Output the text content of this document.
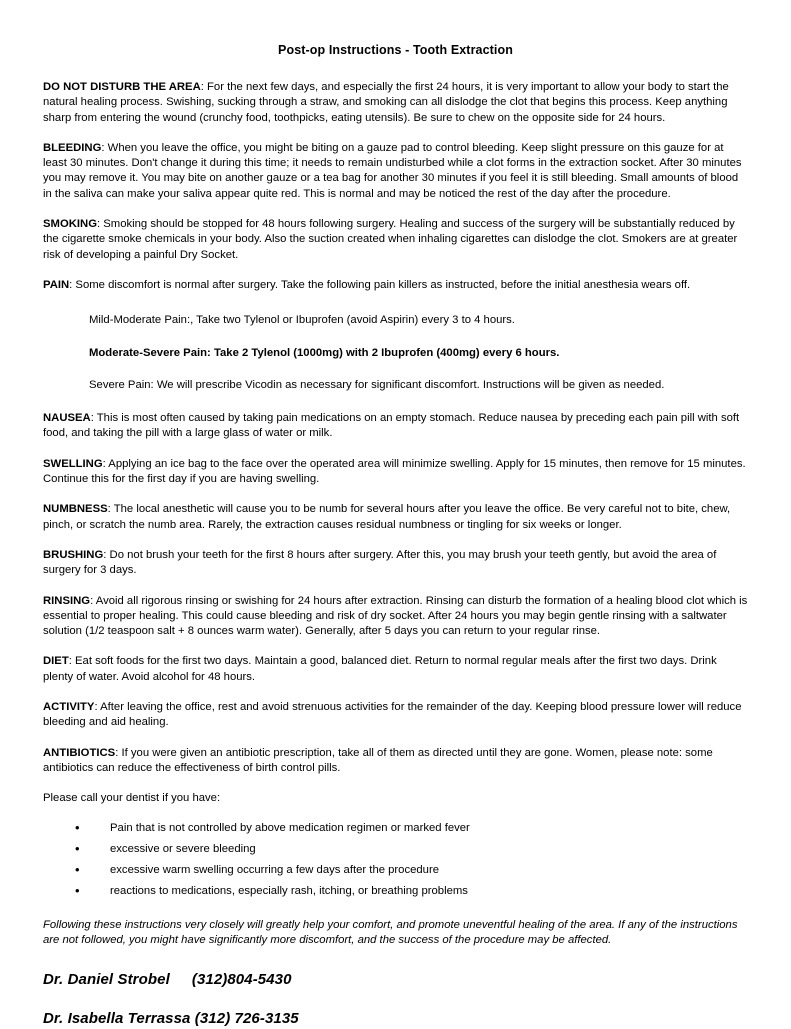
Post-op Instructions - Tooth Extraction

DO NOT DISTURB THE AREA: For the next few days, and especially the first 24 hours, it is very important to allow your body to start the natural healing process. Swishing, sucking through a straw, and smoking can all dislodge the clot that begins this process. Keep anything sharp from entering the wound (crunchy food, toothpicks, eating utensils). Be sure to chew on the opposite side for 24 hours.

BLEEDING: When you leave the office, you might be biting on a gauze pad to control bleeding. Keep slight pressure on this gauze for at least 30 minutes. Don't change it during this time; it needs to remain undisturbed while a clot forms in the extraction socket. After 30 minutes you may remove it. You may bite on another gauze or a tea bag for another 30 minutes if you feel it is still bleeding. Small amounts of blood in the saliva can make your saliva appear quite red. This is normal and may be noticed the rest of the day after the procedure.

SMOKING: Smoking should be stopped for 48 hours following surgery. Healing and success of the surgery will be substantially reduced by the cigarette smoke chemicals in your body. Also the suction created when inhaling cigarettes can dislodge the clot. Smokers are at greater risk of developing a painful Dry Socket.

PAIN: Some discomfort is normal after surgery. Take the following pain killers as instructed, before the initial anesthesia wears off.

Mild-Moderate Pain:, Take two Tylenol or Ibuprofen (avoid Aspirin) every 3 to 4 hours.

Moderate-Severe Pain: Take 2 Tylenol (1000mg) with 2 Ibuprofen (400mg) every 6 hours.

Severe Pain: We will prescribe Vicodin as necessary for significant discomfort. Instructions will be given as needed.

NAUSEA: This is most often caused by taking pain medications on an empty stomach. Reduce nausea by preceding each pain pill with soft food, and taking the pill with a large glass of water or milk.

SWELLING: Applying an ice bag to the face over the operated area will minimize swelling. Apply for 15 minutes, then remove for 15 minutes. Continue this for the first day if you are having swelling.

NUMBNESS: The local anesthetic will cause you to be numb for several hours after you leave the office. Be very careful not to bite, chew, pinch, or scratch the numb area. Rarely, the extraction causes residual numbness or tingling for six weeks or longer.

BRUSHING: Do not brush your teeth for the first 8 hours after surgery. After this, you may brush your teeth gently, but avoid the area of surgery for 3 days.

RINSING: Avoid all rigorous rinsing or swishing for 24 hours after extraction. Rinsing can disturb the formation of a healing blood clot which is essential to proper healing. This could cause bleeding and risk of dry socket. After 24 hours you may begin gentle rinsing with a saltwater solution (1/2 teaspoon salt + 8 ounces warm water). Generally, after 5 days you can return to your regular rinse.

DIET: Eat soft foods for the first two days. Maintain a good, balanced diet. Return to normal regular meals after the first two days. Drink plenty of water. Avoid alcohol for 48 hours.

ACTIVITY: After leaving the office, rest and avoid strenuous activities for the remainder of the day. Keeping blood pressure lower will reduce bleeding and aid healing.

ANTIBIOTICS: If you were given an antibiotic prescription, take all of them as directed until they are gone. Women, please note: some antibiotics can reduce the effectiveness of birth control pills.

Please call your dentist if you have:

•	Pain that is not controlled by above medication regimen or marked fever
•	excessive or severe bleeding
•	excessive warm swelling occurring a few days after the procedure
•	reactions to medications, especially rash, itching, or breathing problems

Following these instructions very closely will greatly help your comfort, and promote uneventful healing of the area. If any of the instructions are not followed, you might have significantly more discomfort, and the success of the procedure may be affected.

Dr. Daniel Strobel (312)804-5430

Dr. Isabella Terrassa (312) 726-3135
